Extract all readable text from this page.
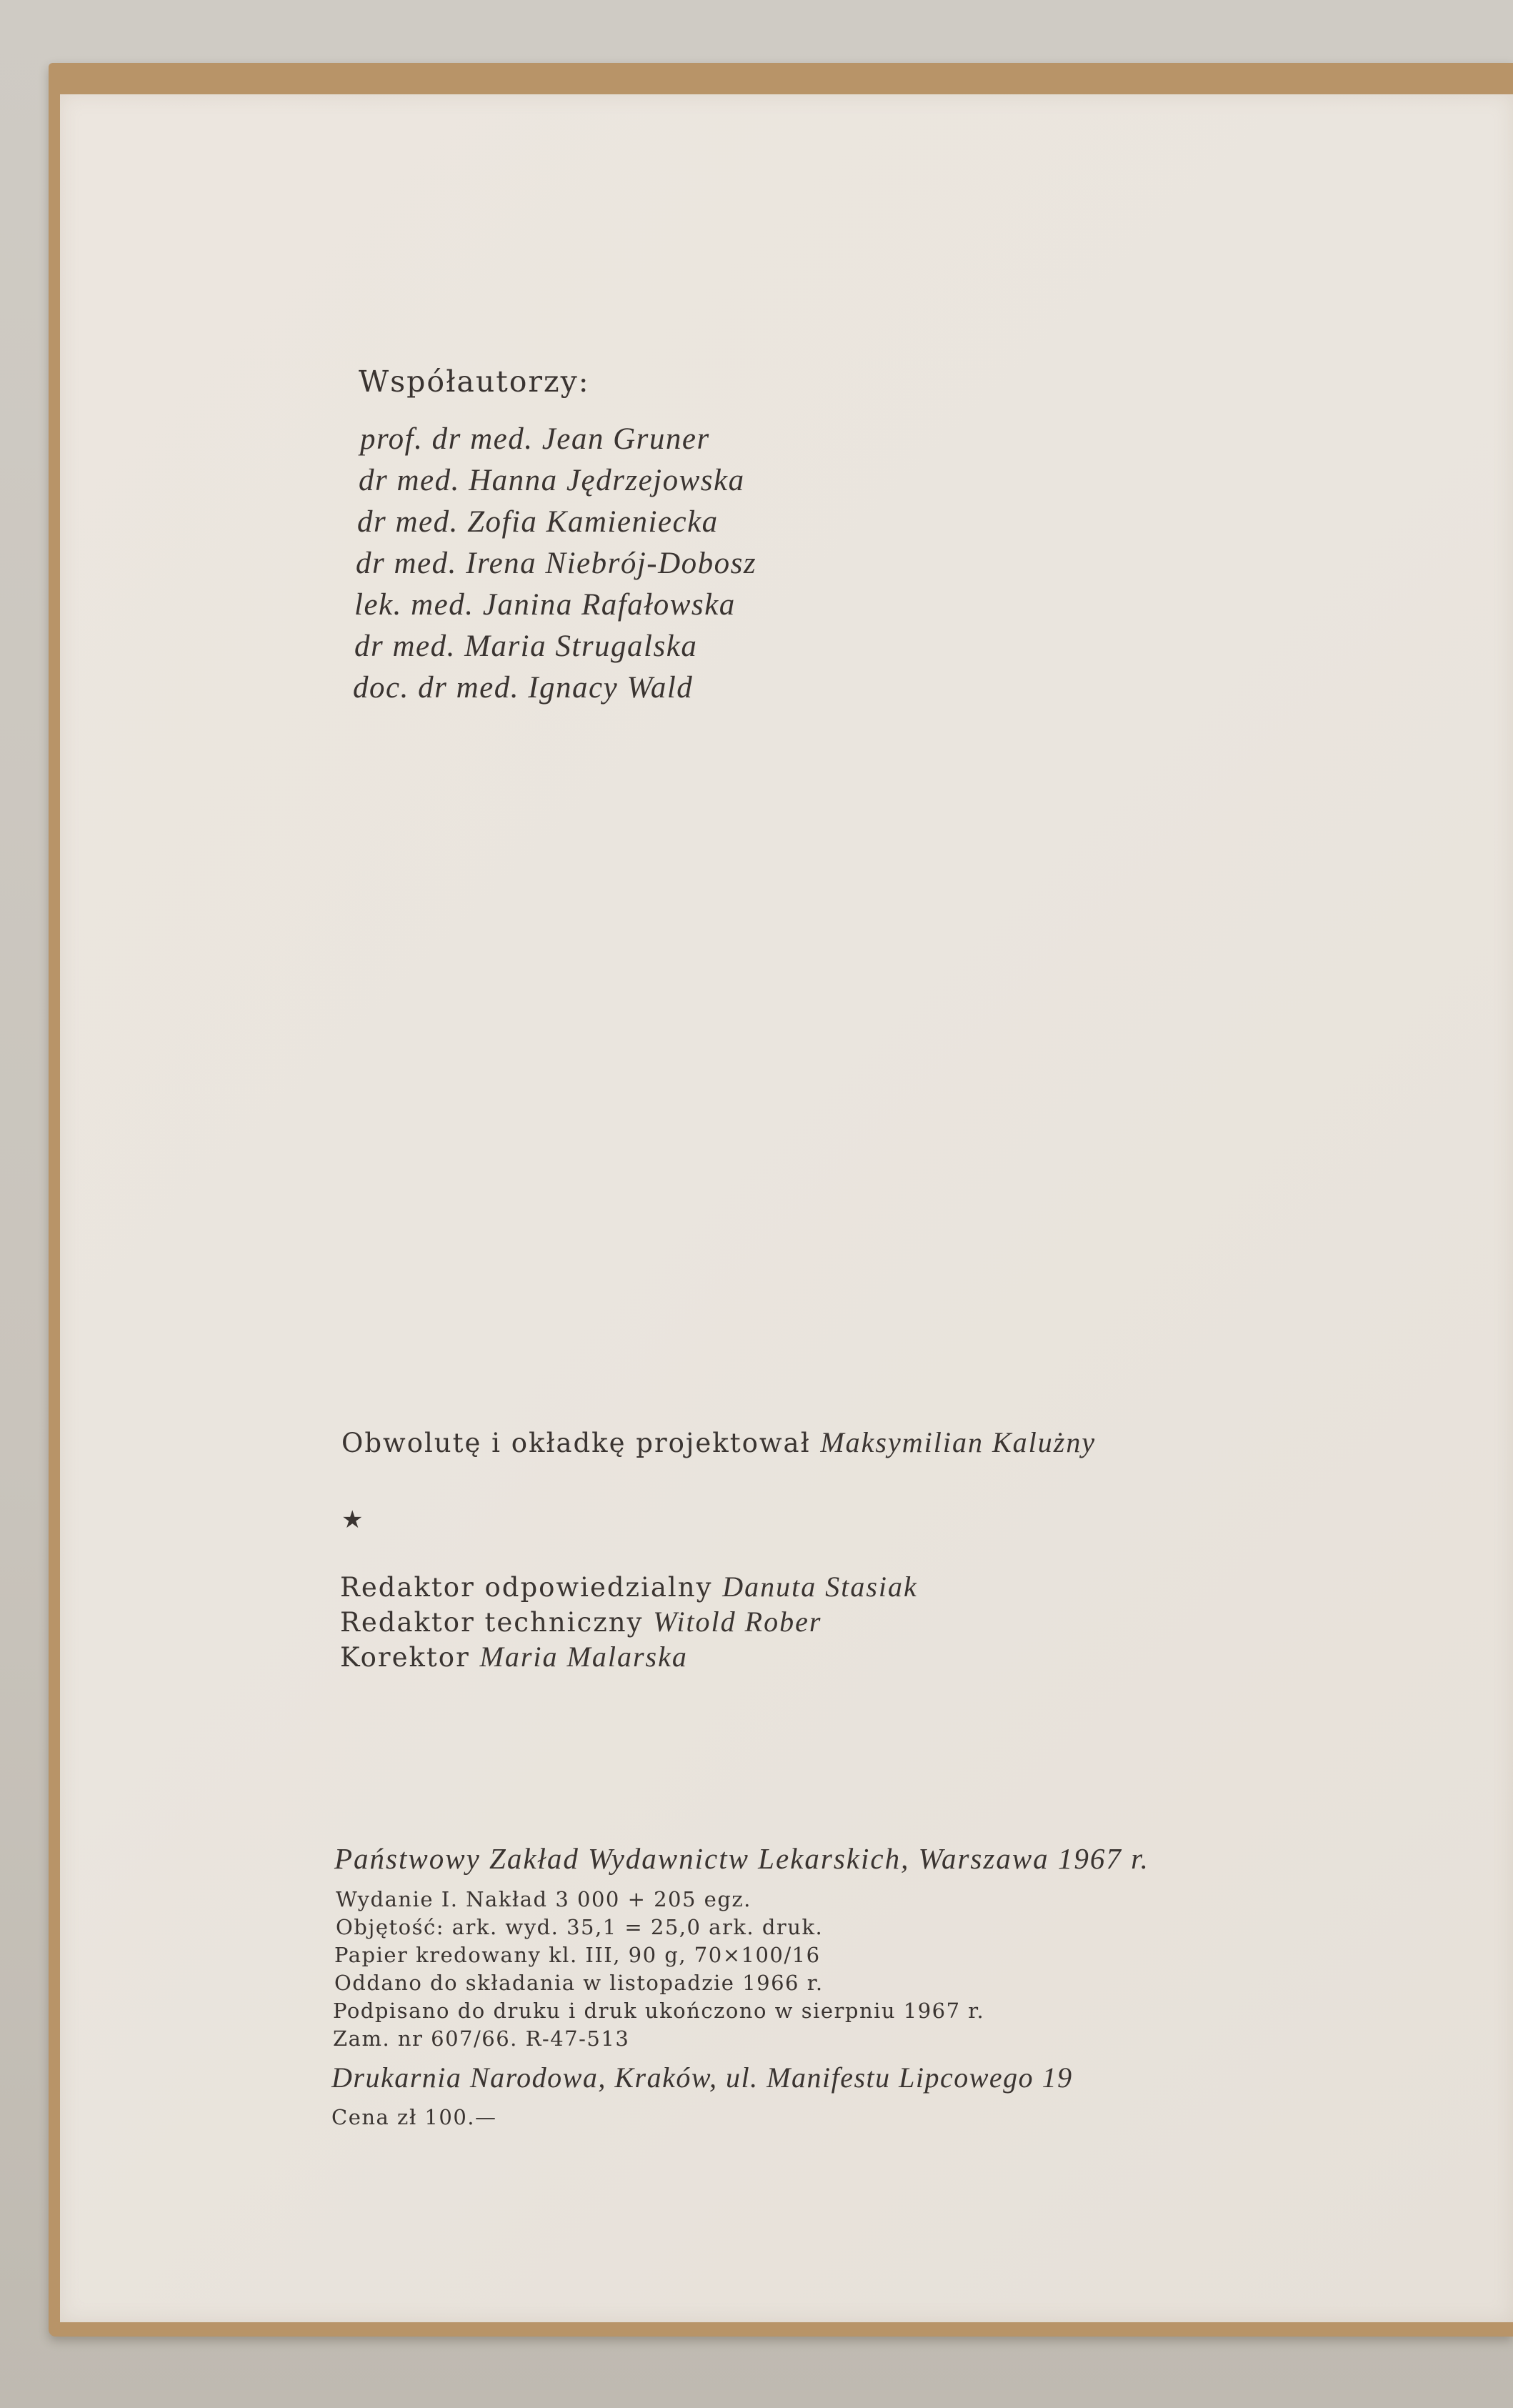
Współautorzy:
prof. dr med. Jean Gruner
dr med. Hanna Jędrzejowska
dr med. Zofia Kamieniecka
dr med. Irena Niebrój-Dobosz
lek. med. Janina Rafałowska
dr med. Maria Strugalska
doc. dr med. Ignacy Wald
Obwolutę i okładkę projektował Maksymilian Kalużny
★
Redaktor odpowiedzialny Danuta Stasiak
Redaktor techniczny Witold Rober
Korektor Maria Malarska
Państwowy Zakład Wydawnictw Lekarskich, Warszawa 1967 r.
Wydanie I. Nakład 3 000 + 205 egz.
Objętość: ark. wyd. 35,1 = 25,0 ark. druk.
Papier kredowany kl. III, 90 g, 70×100/16
Oddano do składania w listopadzie 1966 r.
Podpisano do druku i druk ukończono w sierpniu 1967 r.
Zam. nr 607/66. R-47-513
Drukarnia Narodowa, Kraków, ul. Manifestu Lipcowego 19
Cena zł 100.—
